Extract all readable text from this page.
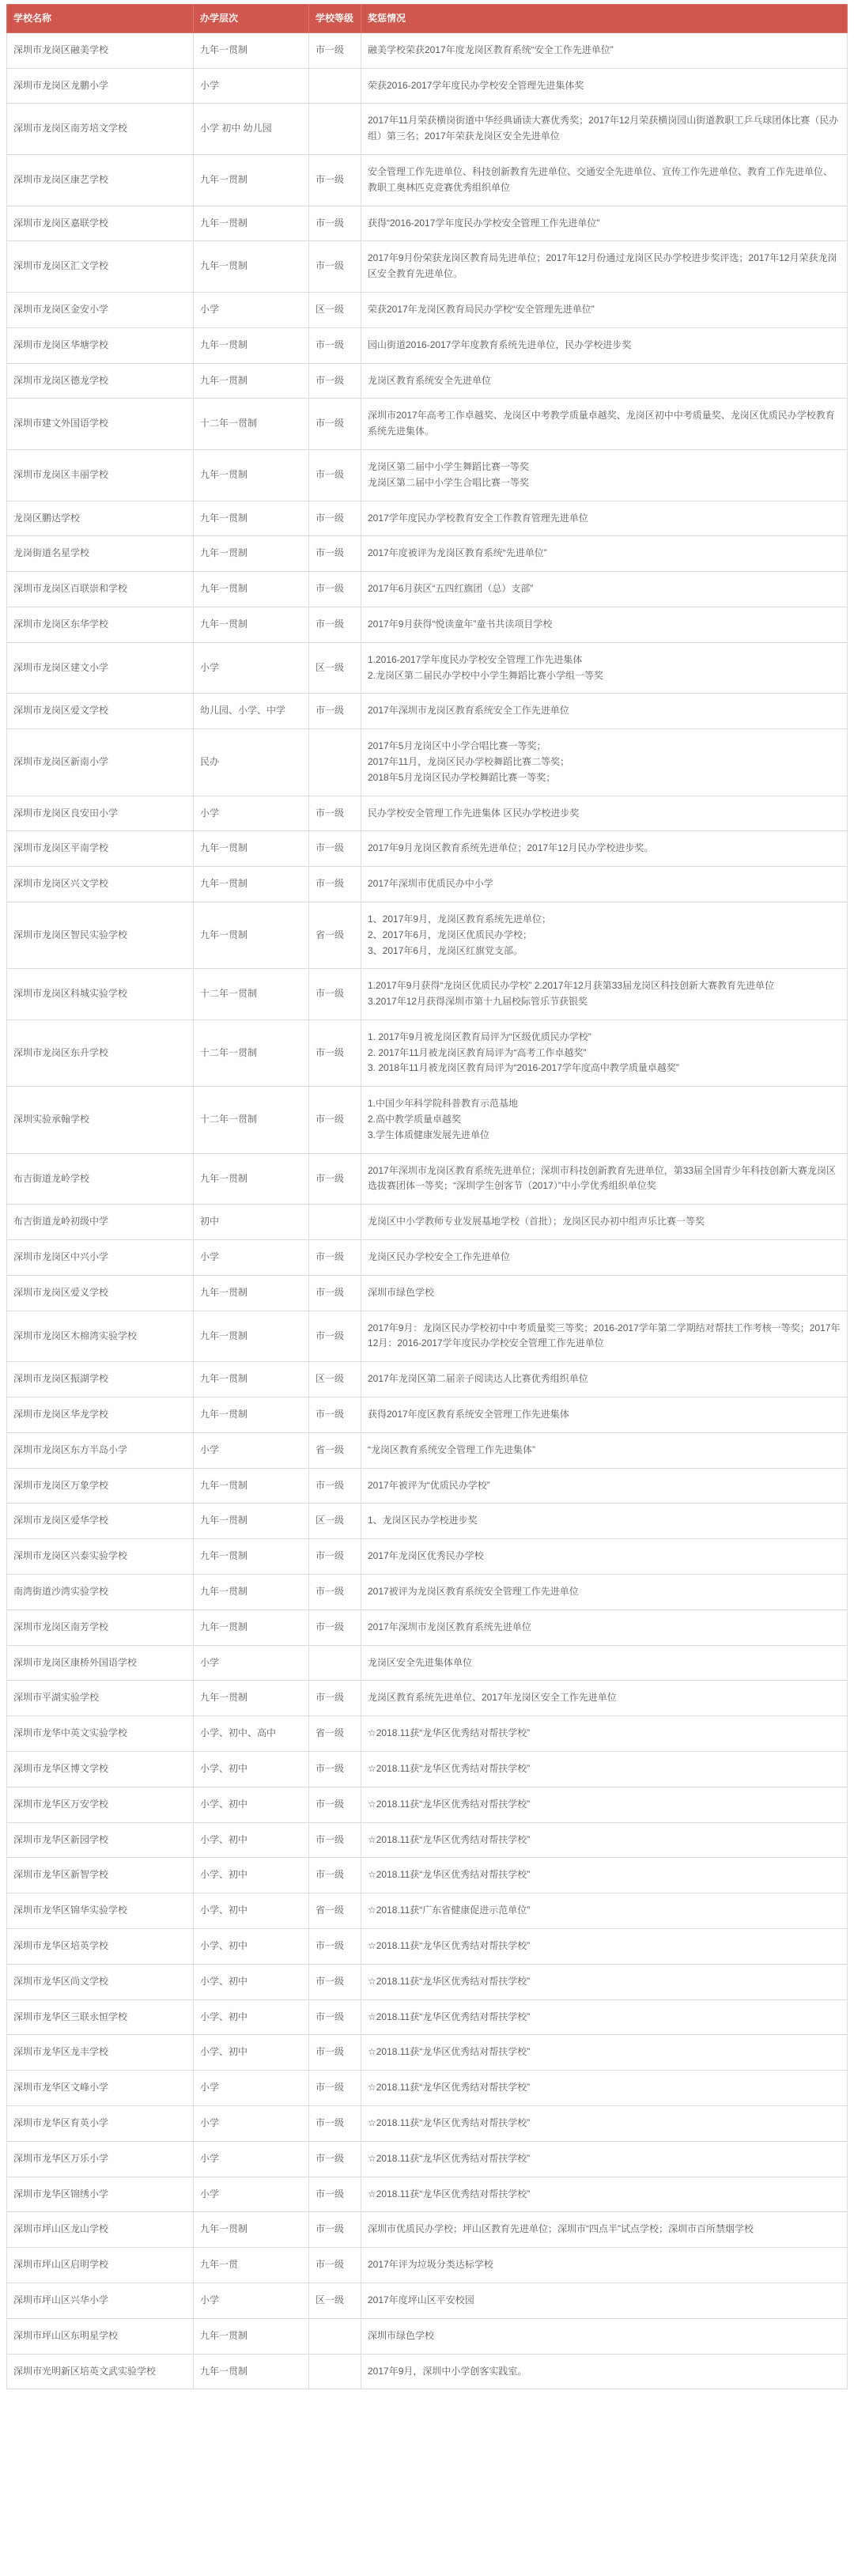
学校名称	办学层次	学校等级	奖惩情况
深圳市龙岗区融美学校	九年一贯制	市一级	融美学校荣获2017年度龙岗区教育系统“安全工作先进单位”
深圳市龙岗区龙鹏小学	小学		荣获2016-2017学年度民办学校安全管理先进集体奖
深圳市龙岗区南芳培文学校	小学 初中 幼儿园		2017年11月荣获横岗街道中华经典诵读大赛优秀奖；2017年12月荣获横岗园山街道教职工乒乓球团体比赛（民办组）第三名；2017年荣获龙岗区安全先进单位
深圳市龙岗区康艺学校	九年一贯制	市一级	安全管理工作先进单位、科技创新教育先进单位、交通安全先进单位、宣传工作先进单位、教育工作先进单位、教职工奥林匹克竞赛优秀组织单位
深圳市龙岗区嘉联学校	九年一贯制	市一级	获得“2016-2017学年度民办学校安全管理工作先进单位”
深圳市龙岗区汇文学校	九年一贯制	市一级	2017年9月份荣获龙岗区教育局先进单位；2017年12月份通过龙岗区民办学校进步奖评选；2017年12月荣获龙岗区安全教育先进单位。
深圳市龙岗区金安小学	小学	区一级	荣获2017年龙岗区教育局民办学校“安全管理先进单位”
深圳市龙岗区华塘学校	九年一贯制	市一级	园山街道2016-2017学年度教育系统先进单位，民办学校进步奖
深圳市龙岗区德龙学校	九年一贯制	市一级	龙岗区教育系统安全先进单位
深圳市建文外国语学校	十二年一贯制	市一级	深圳市2017年高考工作卓越奖、龙岗区中考教学质量卓越奖、龙岗区初中中考质量奖、龙岗区优质民办学校教育系统先进集体。
深圳市龙岗区丰丽学校	九年一贯制	市一级	龙岗区第二届中小学生舞蹈比赛一等奖
龙岗区第二届中小学生合唱比赛一等奖
龙岗区鹏达学校	九年一贯制	市一级	2017学年度民办学校教育安全工作教育管理先进单位
龙岗街道名星学校	九年一贯制	市一级	2017年度被评为龙岗区教育系统“先进单位”
深圳市龙岗区百联崇和学校	九年一贯制	市一级	2017年6月获区“五四红旗团（总）支部”
深圳市龙岗区东华学校	九年一贯制	市一级	2017年9月获得“悦读童年”童书共读项目学校
深圳市龙岗区建文小学	小学	区一级	1.2016-2017学年度民办学校安全管理工作先进集体
2.龙岗区第二届民办学校中小学生舞蹈比赛小学组一等奖
深圳市龙岗区爱文学校	幼儿园、小学、中学	市一级	2017年深圳市龙岗区教育系统安全工作先进单位
深圳市龙岗区新南小学	民办		2017年5月龙岗区中小学合唱比赛一等奖；
2017年11月，龙岗区民办学校舞蹈比赛二等奖；
2018年5月龙岗区民办学校舞蹈比赛一等奖；
深圳市龙岗区良安田小学	小学	市一级	民办学校安全管理工作先进集体 区民办学校进步奖
深圳市龙岗区平南学校	九年一贯制	市一级	2017年9月龙岗区教育系统先进单位；2017年12月民办学校进步奖。
深圳市龙岗区兴文学校	九年一贯制	市一级	2017年深圳市优质民办中小学
深圳市龙岗区智民实验学校	九年一贯制	省一级	1、2017年9月，龙岗区教育系统先进单位；
2、2017年6月，龙岗区优质民办学校；
3、2017年6月，龙岗区红旗党支部。
深圳市龙岗区科城实验学校	十二年一贯制	市一级	1.2017年9月获得“龙岗区优质民办学校” 2.2017年12月获第33届龙岗区科技创新大赛教育先进单位
3.2017年12月获得深圳市第十九届校际管乐节获银奖
深圳市龙岗区东升学校	十二年一贯制	市一级	1. 2017年9月被龙岗区教育局评为“区级优质民办学校”
2. 2017年11月被龙岗区教育局评为“高考工作卓越奖”
3. 2018年11月被龙岗区教育局评为“2016-2017学年度高中教学质量卓越奖”
深圳实验承翰学校	十二年一贯制	市一级	1.中国少年科学院科普教育示范基地
2.高中教学质量卓越奖
3.学生体质健康发展先进单位
布吉街道龙岭学校	九年一贯制	市一级	2017年深圳市龙岗区教育系统先进单位；深圳市科技创新教育先进单位，第33届全国青少年科技创新大赛龙岗区选拔赛团体一等奖；“深圳学生创客节（2017）”中小学优秀组织单位奖
布吉街道龙岭初级中学	初中		龙岗区中小学教师专业发展基地学校（首批）；龙岗区民办初中组声乐比赛一等奖
深圳市龙岗区中兴小学	小学	市一级	龙岗区民办学校安全工作先进单位
深圳市龙岗区爱义学校	九年一贯制	市一级	深圳市绿色学校
深圳市龙岗区木棉湾实验学校	九年一贯制	市一级	2017年9月：龙岗区民办学校初中中考质量奖三等奖；2016-2017学年第二学期结对帮扶工作考核一等奖；2017年12月：2016-2017学年度民办学校安全管理工作先进单位
深圳市龙岗区振湖学校	九年一贯制	区一级	2017年龙岗区第二届亲子阅读达人比赛优秀组织单位
深圳市龙岗区华龙学校	九年一贯制	市一级	获得2017年度区教育系统安全管理工作先进集体
深圳市龙岗区东方半岛小学	小学	省一级	“龙岗区教育系统安全管理工作先进集体”
深圳市龙岗区万象学校	九年一贯制	市一级	2017年被评为“优质民办学校”
深圳市龙岗区爱华学校	九年一贯制	区一级	1、龙岗区民办学校进步奖
深圳市龙岗区兴泰实验学校	九年一贯制	市一级	2017年龙岗区优秀民办学校
南湾街道沙湾实验学校	九年一贯制	市一级	2017被评为龙岗区教育系统安全管理工作先进单位
深圳市龙岗区南芳学校	九年一贯制	市一级	2017年深圳市龙岗区教育系统先进单位
深圳市龙岗区康桥外国语学校	小学		龙岗区安全先进集体单位
深圳市平湖实验学校	九年一贯制	市一级	龙岗区教育系统先进单位、2017年龙岗区安全工作先进单位
深圳市龙华中英文实验学校	小学、初中、高中	省一级	☆2018.11获“龙华区优秀结对帮扶学校”
深圳市龙华区博文学校	小学、初中	市一级	☆2018.11获“龙华区优秀结对帮扶学校”
深圳市龙华区万安学校	小学、初中	市一级	☆2018.11获“龙华区优秀结对帮扶学校”
深圳市龙华区新园学校	小学、初中	市一级	☆2018.11获“龙华区优秀结对帮扶学校”
深圳市龙华区新智学校	小学、初中	市一级	☆2018.11获“龙华区优秀结对帮扶学校”
深圳市龙华区锦华实验学校	小学、初中	省一级	☆2018.11获“广东省健康促进示范单位”
深圳市龙华区培英学校	小学、初中	市一级	☆2018.11获“龙华区优秀结对帮扶学校”
深圳市龙华区尚文学校	小学、初中	市一级	☆2018.11获“龙华区优秀结对帮扶学校”
深圳市龙华区三联永恒学校	小学、初中	市一级	☆2018.11获“龙华区优秀结对帮扶学校”
深圳市龙华区龙丰学校	小学、初中	市一级	☆2018.11获“龙华区优秀结对帮扶学校”
深圳市龙华区文峰小学	小学	市一级	☆2018.11获“龙华区优秀结对帮扶学校”
深圳市龙华区育英小学	小学	市一级	☆2018.11获“龙华区优秀结对帮扶学校”
深圳市龙华区万乐小学	小学	市一级	☆2018.11获“龙华区优秀结对帮扶学校”
深圳市龙华区锦绣小学	小学	市一级	☆2018.11获“龙华区优秀结对帮扶学校”
深圳市坪山区龙山学校	九年一贯制	市一级	深圳市优质民办学校；坪山区教育先进单位；深圳市“四点半”试点学校；深圳市百所禁烟学校
深圳市坪山区启明学校	九年一贯	市一级	2017年评为垃圾分类达标学校
深圳市坪山区兴华小学	小学	区一级	2017年度坪山区平安校园
深圳市坪山区东明星学校	九年一贯制		深圳市绿色学校
深圳市光明新区培英文武实验学校	九年一贯制		2017年9月，深圳中小学创客实践室。
